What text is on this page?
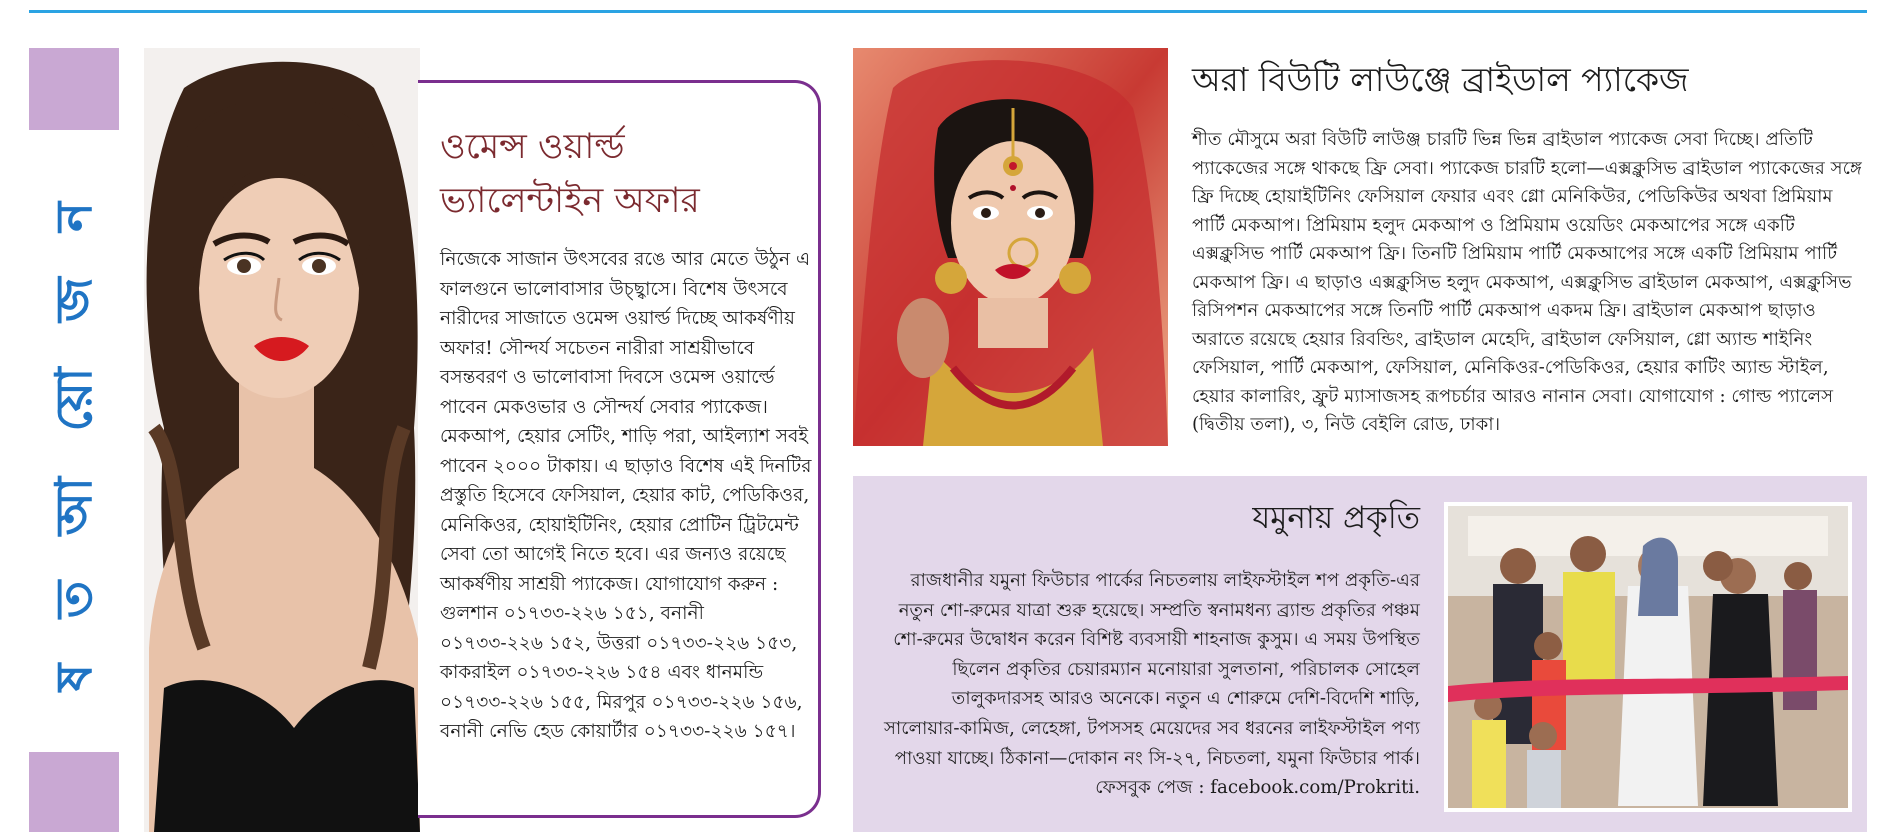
ষ ত আ য়ো জ ন
ওমেন্স ওয়ার্ল্ড
ভ্যালেন্টাইন অফার
নিজেকে সাজান উৎসবের রঙে আর মেতে উঠুন এ ফালগুনে ভালোবাসার উচ্ছ্বাসে। বিশেষ উৎসবে নারীদের সাজাতে ওমেন্স ওয়ার্ল্ড দিচ্ছে আকর্ষণীয় অফার! সৌন্দর্য সচেতন নারীরা সাশ্রয়ীভাবে বসন্তবরণ ও ভালোবাসা দিবসে ওমেন্স ওয়ার্ল্ডে পাবেন মেকওভার ও সৌন্দর্য সেবার প্যাকেজ। মেকআপ, হেয়ার সেটিং, শাড়ি পরা, আইল্যাশ সবই পাবেন ২০০০ টাকায়। এ ছাড়াও বিশেষ এই দিনটির প্রস্তুতি হিসেবে ফেসিয়াল, হেয়ার কাট, পেডিকিওর, মেনিকিওর, হোয়াইটিনিং, হেয়ার প্রোটিন ট্রিটমেন্ট সেবা তো আগেই নিতে হবে। এর জন্যও রয়েছে আকর্ষণীয় সাশ্রয়ী প্যাকেজ। যোগাযোগ করুন : গুলশান ০১৭৩৩-২২৬ ১৫১, বনানী ০১৭৩৩-২২৬ ১৫২, উত্তরা ০১৭৩৩-২২৬ ১৫৩, কাকরাইল ০১৭৩৩-২২৬ ১৫৪ এবং ধানমন্ডি ০১৭৩৩-২২৬ ১৫৫, মিরপুর ০১৭৩৩-২২৬ ১৫৬, বনানী নেভি হেড কোয়ার্টার ০১৭৩৩-২২৬ ১৫৭।
অরা বিউটি লাউঞ্জে ব্রাইডাল প্যাকেজ
শীত মৌসুমে অরা বিউটি লাউঞ্জ চারটি ভিন্ন ভিন্ন ব্রাইডাল প্যাকেজ সেবা দিচ্ছে। প্রতিটি প্যাকেজের সঙ্গে থাকছে ফ্রি সেবা। প্যাকেজ চারটি হলো—এক্সক্লুসিভ ব্রাইডাল প্যাকেজের সঙ্গে ফ্রি দিচ্ছে হোয়াইটিনিং ফেসিয়াল ফেয়ার এবং গ্লো মেনিকিউর, পেডিকিউর অথবা প্রিমিয়াম পার্টি মেকআপ। প্রিমিয়াম হলুদ মেকআপ ও প্রিমিয়াম ওয়েডিং মেকআপের সঙ্গে একটি এক্সক্লুসিভ পার্টি মেকআপ ফ্রি। তিনটি প্রিমিয়াম পার্টি মেকআপের সঙ্গে একটি প্রিমিয়াম পার্টি মেকআপ ফ্রি। এ ছাড়াও এক্সক্লুসিভ হলুদ মেকআপ, এক্সক্লুসিভ ব্রাইডাল মেকআপ, এক্সক্লুসিভ রিসিপশন মেকআপের সঙ্গে তিনটি পার্টি মেকআপ একদম ফ্রি। ব্রাইডাল মেকআপ ছাড়াও অরাতে রয়েছে হেয়ার রিবন্ডিং, ব্রাইডাল মেহেদি, ব্রাইডাল ফেসিয়াল, গ্লো অ্যান্ড শাইনিং ফেসিয়াল, পার্টি মেকআপ, ফেসিয়াল, মেনিকিওর-পেডিকিওর, হেয়ার কাটিং অ্যান্ড স্টাইল, হেয়ার কালারিং, ফ্রুট ম্যাসাজসহ রূপচর্চার আরও নানান সেবা। যোগাযোগ : গোল্ড প্যালেস (দ্বিতীয় তলা), ৩, নিউ বেইলি রোড, ঢাকা।
যমুনায় প্রকৃতি
রাজধানীর যমুনা ফিউচার পার্কের নিচতলায় লাইফস্টাইল শপ প্রকৃতি-এর নতুন শো-রুমের যাত্রা শুরু হয়েছে। সম্প্রতি স্বনামধন্য ব্র্যান্ড প্রকৃতির পঞ্চম শো-রুমের উদ্বোধন করেন বিশিষ্ট ব্যবসায়ী শাহনাজ কুসুম। এ সময় উপস্থিত ছিলেন প্রকৃতির চেয়ারম্যান মনোয়ারা সুলতানা, পরিচালক সোহেল তালুকদারসহ আরও অনেকে। নতুন এ শোরুমে দেশি-বিদেশি শাড়ি, সালোয়ার-কামিজ, লেহেঙ্গা, টপসসহ মেয়েদের সব ধরনের লাইফস্টাইল পণ্য পাওয়া যাচ্ছে। ঠিকানা—দোকান নং সি-২৭, নিচতলা, যমুনা ফিউচার পার্ক। ফেসবুক পেজ : facebook.com/Prokriti.
